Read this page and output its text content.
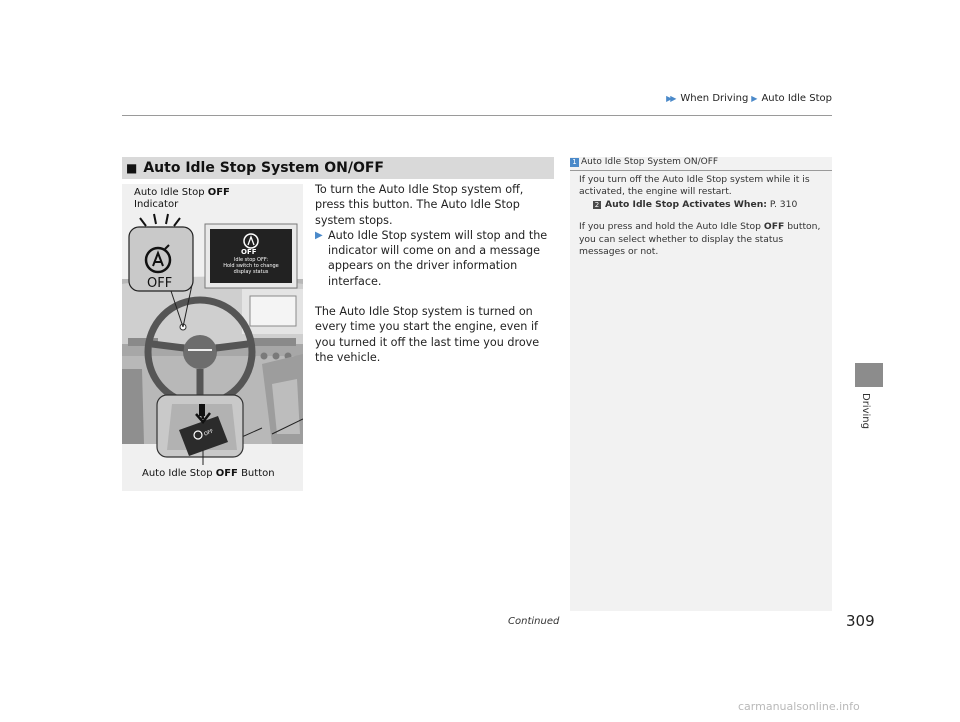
▶▶ When Driving ▶ Auto Idle Stop
Driving
■ Auto Idle Stop System ON/OFF
Auto Idle Stop OFF
Indicator
OFF
OFF
Idle stop OFF:
Hold switch to change
display status
OFF
Auto Idle Stop OFF Button

To turn the Auto Idle Stop system off, press this button. The Auto Idle Stop system stops.

▶ Auto Idle Stop system will stop and the indicator will come on and a message appears on the driver information interface.

The Auto Idle Stop system is turned on every time you start the engine, even if you turned it off the last time you drove the vehicle.

1 Auto Idle Stop System ON/OFF

If you turn off the Auto Idle Stop system while it is activated, the engine will restart.

2 Auto Idle Stop Activates When: P. 310

If you press and hold the Auto Idle Stop OFF button, you can select whether to display the status messages or not.

Continued	309
carmanualsonline.info
